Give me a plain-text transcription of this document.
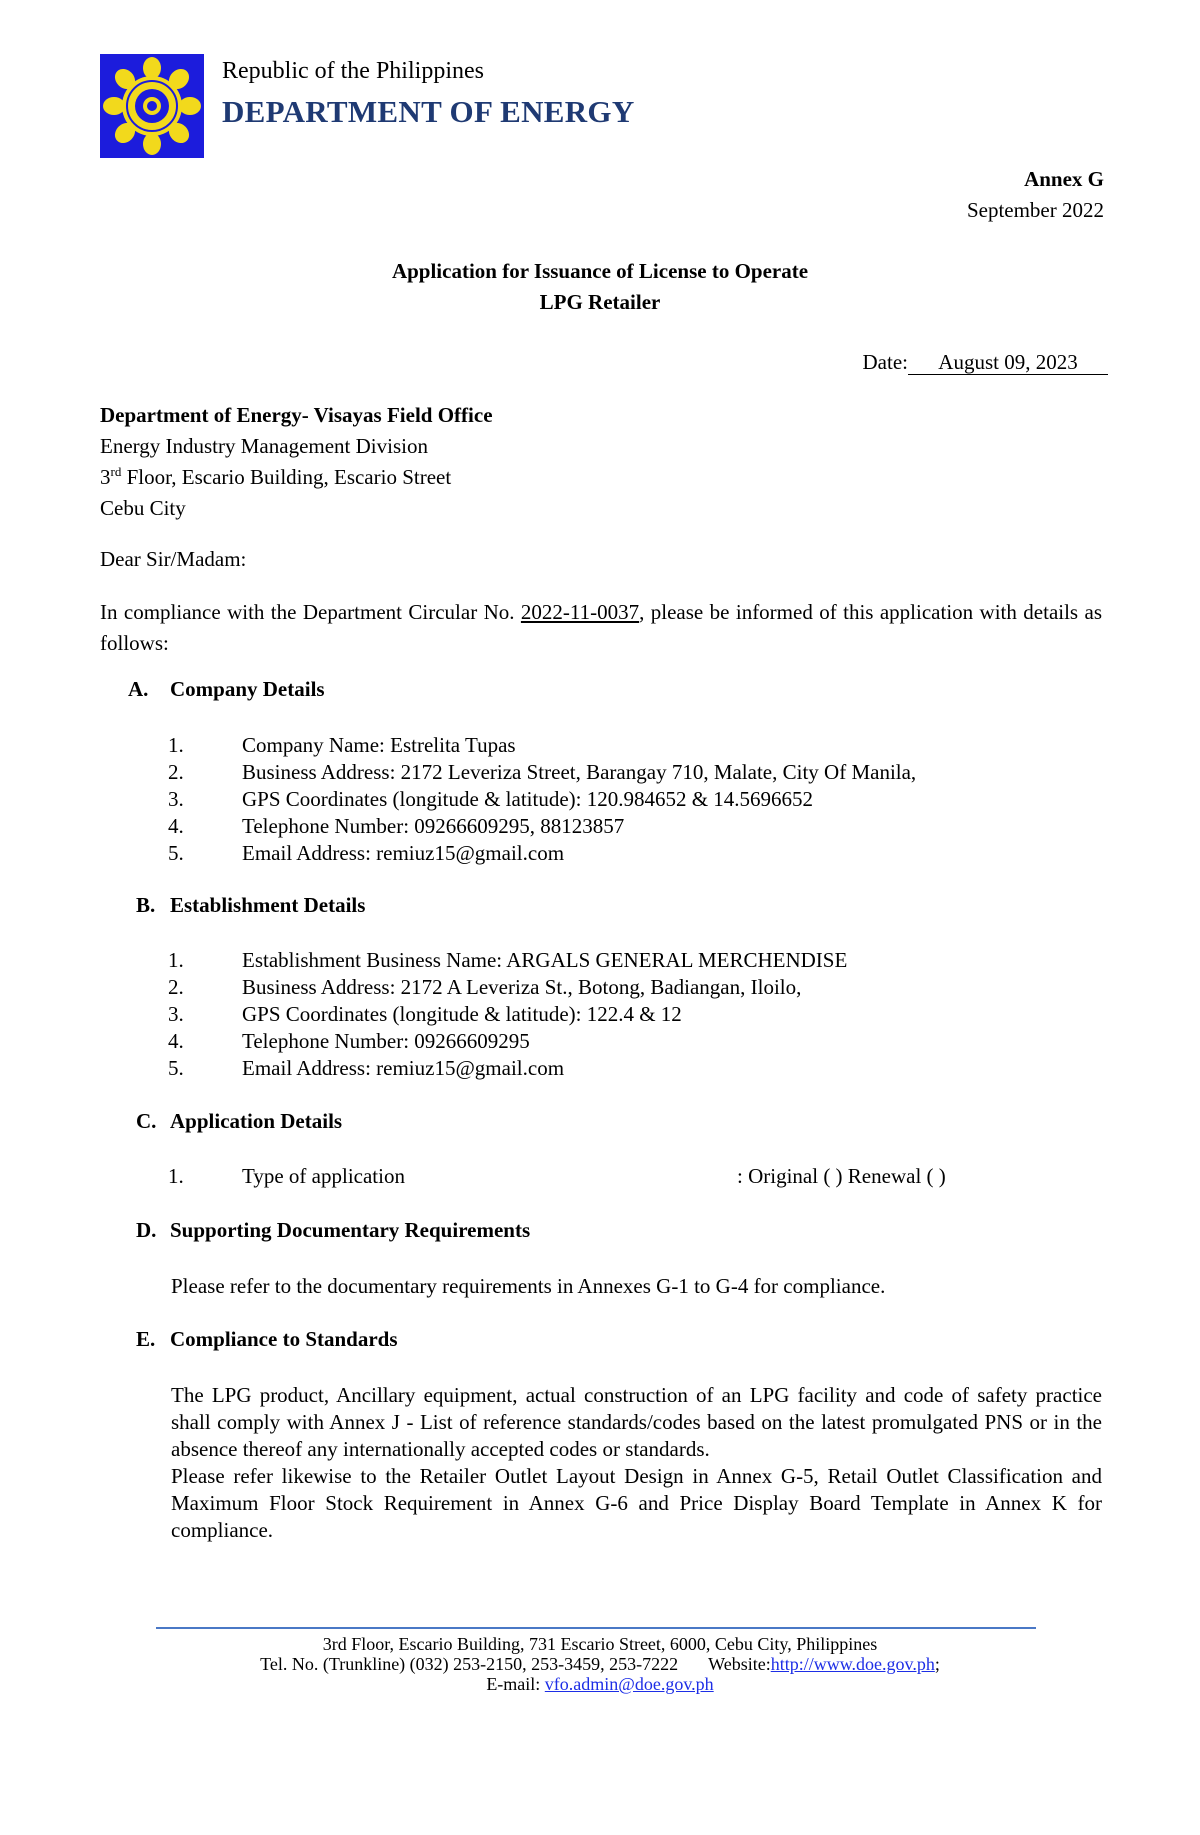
Republic of the Philippines
DEPARTMENT OF ENERGY
Annex G
September 2022
Application for Issuance of License to Operate
LPG Retailer
Date: August 09, 2023
Department of Energy- Visayas Field Office
Energy Industry Management Division
3rd Floor, Escario Building, Escario Street
Cebu City
Dear Sir/Madam:
In compliance with the Department Circular No. 2022-11-0037, please be informed of this application with details as follows:
A. Company Details
1.	Company Name: Estrelita Tupas
2.	Business Address: 2172 Leveriza Street, Barangay 710, Malate, City Of Manila,
3.	GPS Coordinates (longitude & latitude): 120.984652 & 14.5696652
4.	Telephone Number: 09266609295, 88123857
5.	Email Address: remiuz15@gmail.com
B. Establishment Details
1.	Establishment Business Name: ARGALS GENERAL MERCHENDISE
2.	Business Address: 2172 A Leveriza St., Botong, Badiangan, Iloilo,
3.	GPS Coordinates (longitude & latitude): 122.4 & 12
4.	Telephone Number: 09266609295
5.	Email Address: remiuz15@gmail.com
C. Application Details
1.	Type of application	: Original ( ) Renewal ( )
D. Supporting Documentary Requirements
Please refer to the documentary requirements in Annexes G-1 to G-4 for compliance.
E. Compliance to Standards
The LPG product, Ancillary equipment, actual construction of an LPG facility and code of safety practice shall comply with Annex J - List of reference standards/codes based on the latest promulgated PNS or in the absence thereof any internationally accepted codes or standards.
Please refer likewise to the Retailer Outlet Layout Design in Annex G-5, Retail Outlet Classification and Maximum Floor Stock Requirement in Annex G-6 and Price Display Board Template in Annex K for compliance.
3rd Floor, Escario Building, 731 Escario Street, 6000, Cebu City, Philippines
Tel. No. (Trunkline) (032) 253-2150, 253-3459, 253-7222 Website:http://www.doe.gov.ph;
E-mail: vfo.admin@doe.gov.ph
